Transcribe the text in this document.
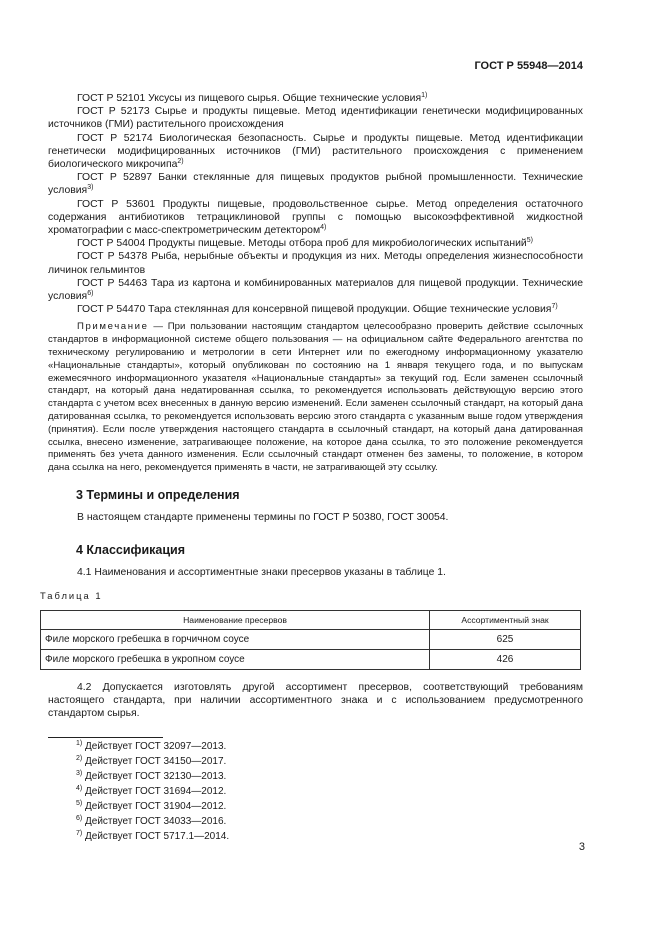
ГОСТ Р 55948—2014

ГОСТ Р 52101 Уксусы из пищевого сырья. Общие технические условия$^{1)}$

ГОСТ Р 52173 Сырье и продукты пищевые. Метод идентификации генетически модифицированных источников (ГМИ) растительного происхождения

ГОСТ Р 52174 Биологическая безопасность. Сырье и продукты пищевые. Метод идентификации генетически модифицированных источников (ГМИ) растительного происхождения с применением биологического микрочипа$^{2)}$

ГОСТ Р 52897 Банки стеклянные для пищевых продуктов рыбной промышленности. Технические условия$^{3)}$

ГОСТ Р 53601 Продукты пищевые, продовольственное сырье. Метод определения остаточного содержания антибиотиков тетрациклиновой группы с помощью высокоэффективной жидкостной хроматографии с масс-спектрометрическим детектором$^{4)}$

ГОСТ Р 54004 Продукты пищевые. Методы отбора проб для микробиологических испытаний$^{5)}$

ГОСТ Р 54378 Рыба, нерыбные объекты и продукция из них. Методы определения жизнеспособности личинок гельминтов

ГОСТ Р 54463 Тара из картона и комбинированных материалов для пищевой продукции. Технические условия$^{6)}$

ГОСТ Р 54470 Тара стеклянная для консервной пищевой продукции. Общие технические условия$^{7)}$

Примечание — При пользовании настоящим стандартом целесообразно проверить действие ссылочных стандартов в информационной системе общего пользования — на официальном сайте Федерального агентства по техническому регулированию и метрологии в сети Интернет или по ежегодному информационному указателю «Национальные стандарты», который опубликован по состоянию на 1 января текущего года, и по выпускам ежемесячного информационного указателя «Национальные стандарты» за текущий год. Если заменен ссылочный стандарт, на который дана недатированная ссылка, то рекомендуется использовать действующую версию этого стандарта с учетом всех внесенных в данную версию изменений. Если заменен ссылочный стандарт, на который дана датированная ссылка, то рекомендуется использовать версию этого стандарта с указанным выше годом утверждения (принятия). Если после утверждения настоящего стандарта в ссылочный стандарт, на который дана датированная ссылка, внесено изменение, затрагивающее положение, на которое дана ссылка, то это положение рекомендуется применять без учета данного изменения. Если ссылочный стандарт отменен без замены, то положение, в котором дана ссылка на него, рекомендуется применять в части, не затрагивающей эту ссылку.

3 Термины и определения

В настоящем стандарте применены термины по ГОСТ Р 50380, ГОСТ 30054.

4 Классификация

4.1 Наименования и ассортиментные знаки пресервов указаны в таблице 1.

Таблица 1
Наименование пресервов	Ассортиментный знак
Филе морского гребешка в горчичном соусе	625
Филе морского гребешка в укропном соусе	426

4.2 Допускается изготовлять другой ассортимент пресервов, соответствующий требованиям настоящего стандарта, при наличии ассортиментного знака и с использованием предусмотренного стандартом сырья.

$^{1)}$ Действует ГОСТ 32097—2013.
$^{2)}$ Действует ГОСТ 34150—2017.
$^{3)}$ Действует ГОСТ 32130—2013.
$^{4)}$ Действует ГОСТ 31694—2012.
$^{5)}$ Действует ГОСТ 31904—2012.
$^{6)}$ Действует ГОСТ 34033—2016.
$^{7)}$ Действует ГОСТ 5717.1—2014.
3
